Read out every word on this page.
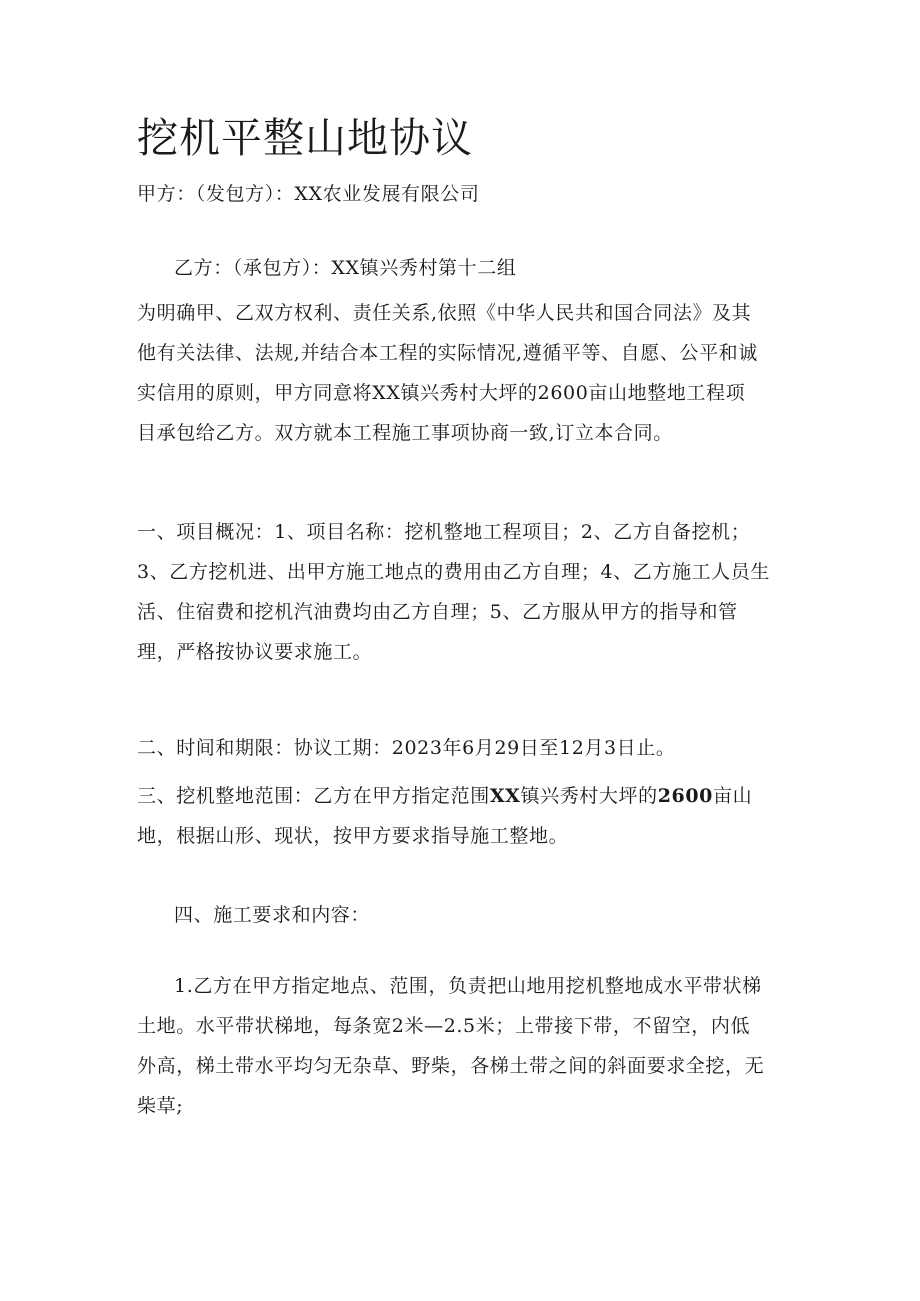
挖机平整山地协议

甲方：（发包方）：XX农业发展有限公司

乙方：（承包方）：XX镇兴秀村第十二组

为明确甲、乙双方权利、责任关系,依照《中华人民共和国合同法》及其
他有关法律、法规,并结合本工程的实际情况,遵循平等、自愿、公平和诚
实信用的原则，甲方同意将XX镇兴秀村大坪的2600亩山地整地工程项
目承包给乙方。双方就本工程施工事项协商一致,订立本合同。
一、项目概况：1、项目名称：挖机整地工程项目；2、乙方自备挖机；
3、乙方挖机进、出甲方施工地点的费用由乙方自理；4、乙方施工人员生
活、住宿费和挖机汽油费均由乙方自理；5、乙方服从甲方的指导和管
理，严格按协议要求施工。

二、时间和期限：协议工期：2023年6月29日至12月3日止。

三、挖机整地范围：乙方在甲方指定范围XX镇兴秀村大坪的2600亩山
地，根据山形、现状，按甲方要求指导施工整地。

四、施工要求和内容：

1.乙方在甲方指定地点、范围，负责把山地用挖机整地成水平带状梯
土地。水平带状梯地，每条宽2米—2.5米；上带接下带，不留空，内低
外高，梯土带水平均匀无杂草、野柴，各梯土带之间的斜面要求全挖，无
柴草;
